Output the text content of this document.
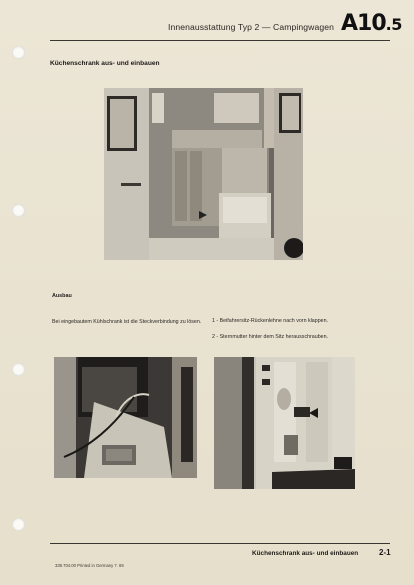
Innenausstattung Typ 2 — Campingwagen A10.5
Küchenschrank aus- und einbauen
Ausbau
Bei eingebautem Kühlschrank ist die Steckverbindung zu lösen. 1 - Beifahrersitz-Rückenlehne nach vorn klappen.
2 - Sternmutter hinter dem Sitz herausschrauben.
Küchenschrank aus- und einbauen	2-1
339.704.00 Printed in Germany 7. 69
